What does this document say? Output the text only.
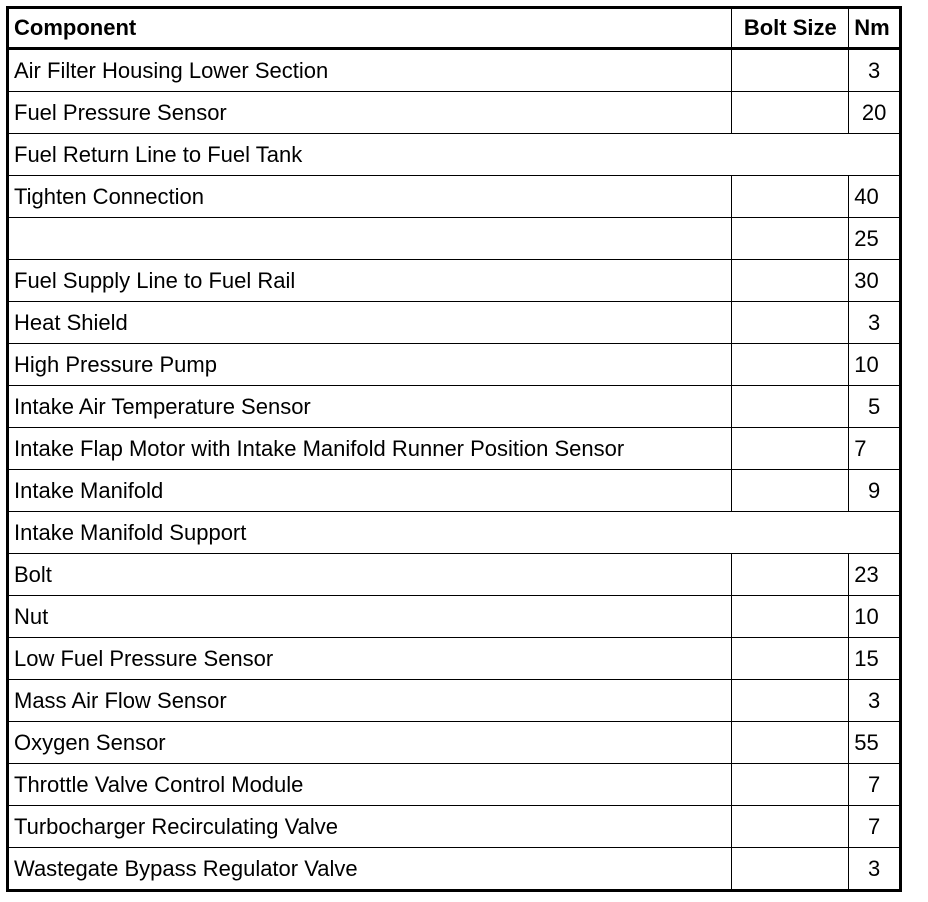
Component	Bolt Size	Nm
Air Filter Housing Lower Section		3
Fuel Pressure Sensor		20
Fuel Return Line to Fuel Tank		
Tighten Connection		40
		25
Fuel Supply Line to Fuel Rail		30
Heat Shield		3
High Pressure Pump		10
Intake Air Temperature Sensor		5
Intake Flap Motor with Intake Manifold Runner Position Sensor		7
Intake Manifold		9
Intake Manifold Support		
Bolt		23
Nut		10
Low Fuel Pressure Sensor		15
Mass Air Flow Sensor		3
Oxygen Sensor		55
Throttle Valve Control Module		7
Turbocharger Recirculating Valve		7
Wastegate Bypass Regulator Valve		3
